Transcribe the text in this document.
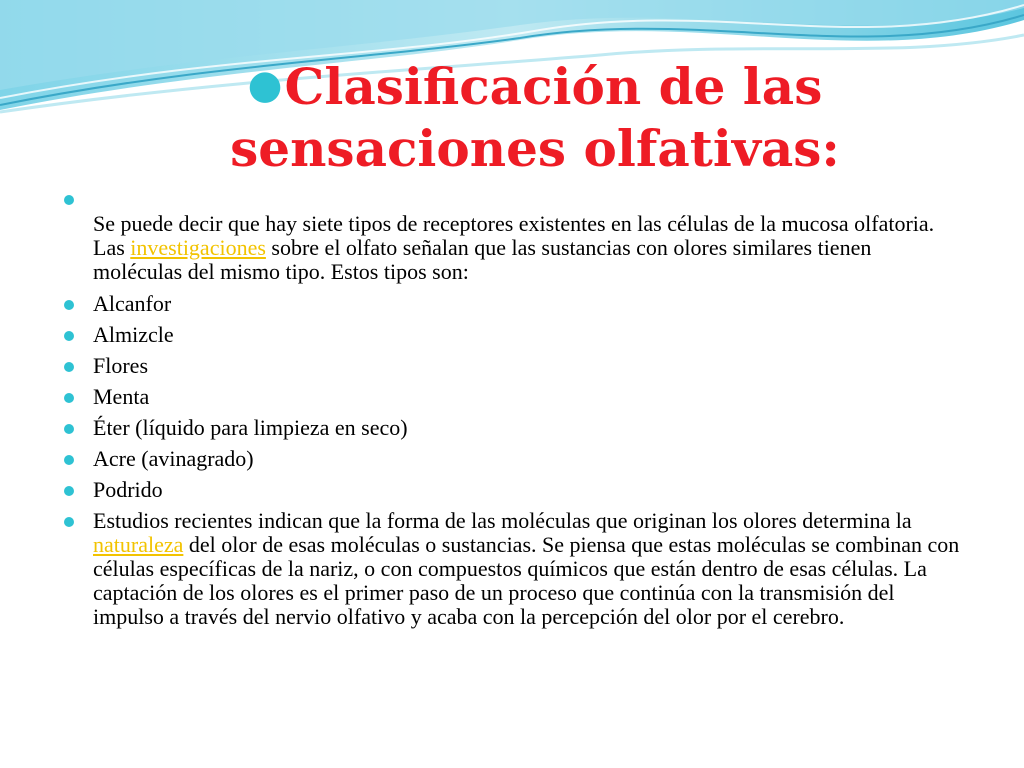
●Clasificación de las
sensaciones olfativas:
Se puede decir que hay siete tipos de receptores existentes en las células de la mucosa olfatoria. Las investigaciones sobre el olfato señalan que las sustancias con olores similares tienen moléculas del mismo tipo. Estos tipos son:
Alcanfor
Almizcle
Flores
Menta
Éter (líquido para limpieza en seco)
Acre (avinagrado)
Podrido
Estudios recientes indican que la forma de las moléculas que originan los olores determina la naturaleza del olor de esas moléculas o sustancias. Se piensa que estas moléculas se combinan con células específicas de la nariz, o con compuestos químicos que están dentro de esas células. La captación de los olores es el primer paso de un proceso que continúa con la transmisión del impulso a través del nervio olfativo y acaba con la percepción del olor por el cerebro.
